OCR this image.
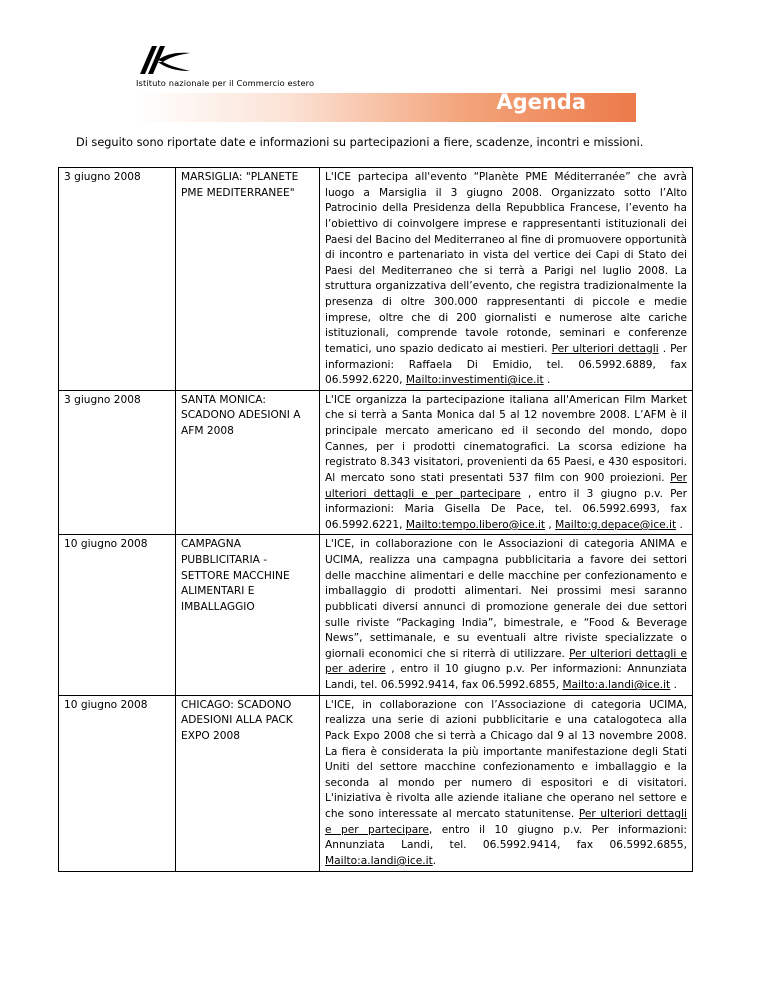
Istituto nazionale per il Commercio estero
Agenda
Di seguito sono riportate date e informazioni su partecipazioni a fiere, scadenze, incontri e missioni.
3 giugno 2008	MARSIGLIA: "PLANETE PME MEDITERRANEE"	L'ICE partecipa all'evento “Planète PME Méditerranée” che avrà luogo a Marsiglia il 3 giugno 2008. Organizzato sotto l’Alto Patrocinio della Presidenza della Repubblica Francese, l’evento ha l’obiettivo di coinvolgere imprese e rappresentanti istituzionali dei Paesi del Bacino del Mediterraneo al fine di promuovere opportunità di incontro e partenariato in vista del vertice dei Capi di Stato dei Paesi del Mediterraneo che si terrà a Parigi nel luglio 2008. La struttura organizzativa dell’evento, che registra tradizionalmente la presenza di oltre 300.000 rappresentanti di piccole e medie imprese, oltre che di 200 giornalisti e numerose alte cariche istituzionali, comprende tavole rotonde, seminari e conferenze tematici, uno spazio dedicato ai mestieri. Per ulteriori dettagli . Per informazioni: Raffaela Di Emidio, tel. 06.5992.6889, fax 06.5992.6220, Mailto:investimenti@ice.it .
3 giugno 2008	SANTA MONICA: SCADONO ADESIONI A AFM 2008	L'ICE organizza la partecipazione italiana all'American Film Market che si terrà a Santa Monica dal 5 al 12 novembre 2008. L’AFM è il principale mercato americano ed il secondo del mondo, dopo Cannes, per i prodotti cinematografici. La scorsa edizione ha registrato 8.343 visitatori, provenienti da 65 Paesi, e 430 espositori. Al mercato sono stati presentati 537 film con 900 proiezioni. Per ulteriori dettagli e per partecipare , entro il 3 giugno p.v. Per informazioni: Maria Gisella De Pace, tel. 06.5992.6993, fax 06.5992.6221, Mailto:tempo.libero@ice.it , Mailto:g.depace@ice.it .
10 giugno 2008	CAMPAGNA PUBBLICITARIA - SETTORE MACCHINE ALIMENTARI E IMBALLAGGIO	L'ICE, in collaborazione con le Associazioni di categoria ANIMA e UCIMA, realizza una campagna pubblicitaria a favore dei settori delle macchine alimentari e delle macchine per confezionamento e imballaggio di prodotti alimentari. Nei prossimi mesi saranno pubblicati diversi annunci di promozione generale dei due settori sulle riviste “Packaging India”, bimestrale, e “Food & Beverage News”, settimanale, e su eventuali altre riviste specializzate o giornali economici che si riterrà di utilizzare. Per ulteriori dettagli e per aderire , entro il 10 giugno p.v. Per informazioni: Annunziata Landi, tel. 06.5992.9414, fax 06.5992.6855, Mailto:a.landi@ice.it .
10 giugno 2008	CHICAGO: SCADONO ADESIONI ALLA PACK EXPO 2008	L'ICE, in collaborazione con l’Associazione di categoria UCIMA, realizza una serie di azioni pubblicitarie e una catalogoteca alla Pack Expo 2008 che si terrà a Chicago dal 9 al 13 novembre 2008. La fiera è considerata la più importante manifestazione degli Stati Uniti del settore macchine confezionamento e imballaggio e la seconda al mondo per numero di espositori e di visitatori. L'iniziativa è rivolta alle aziende italiane che operano nel settore e che sono interessate al mercato statunitense. Per ulteriori dettagli e per partecipare, entro il 10 giugno p.v. Per informazioni: Annunziata Landi, tel. 06.5992.9414, fax 06.5992.6855, Mailto:a.landi@ice.it.
